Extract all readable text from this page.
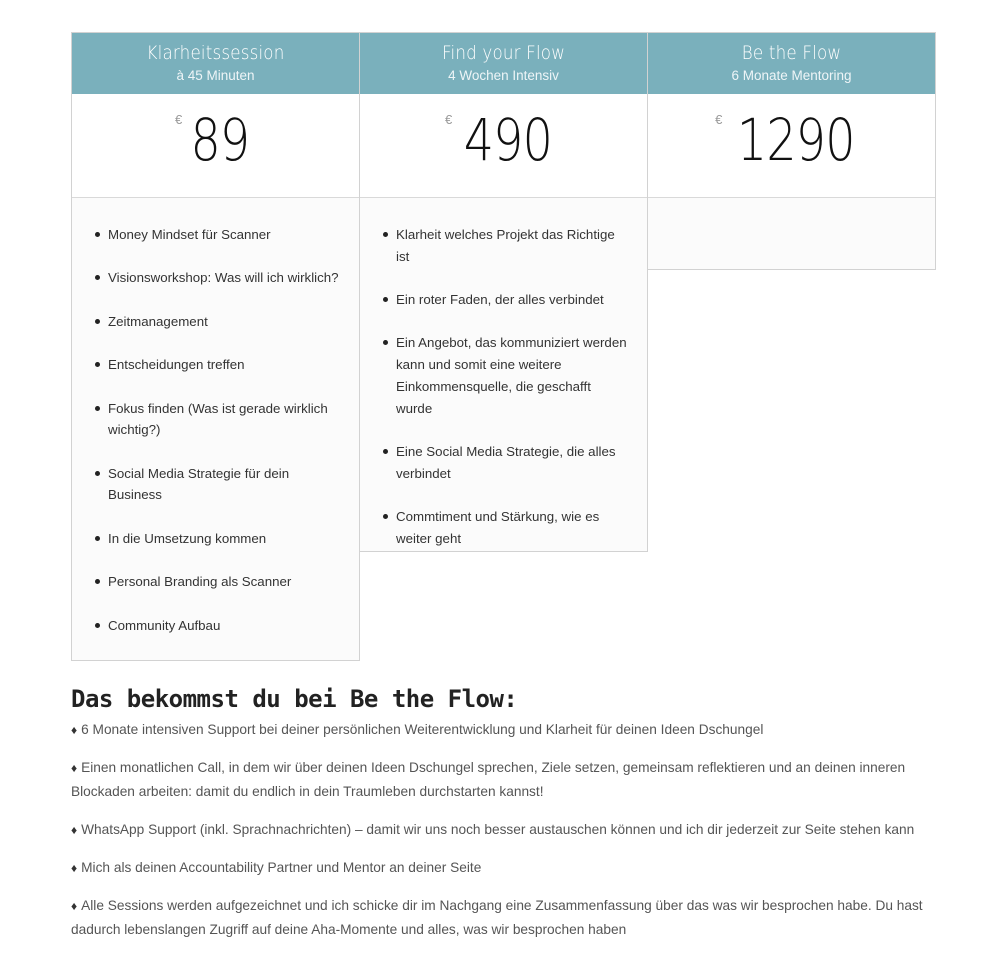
Klarheitssession
à 45 Minuten
€ 89
Money Mindset für Scanner
Visionsworkshop: Was will ich wirklich?
Zeitmanagement
Entscheidungen treffen
Fokus finden (Was ist gerade wirklich wichtig?)
Social Media Strategie für dein Business
In die Umsetzung kommen
Personal Branding als Scanner
Community Aufbau
Find your Flow
4 Wochen Intensiv
€ 490
Klarheit welches Projekt das Richtige ist
Ein roter Faden, der alles verbindet
Ein Angebot, das kommuniziert werden kann und somit eine weitere Einkommensquelle, die geschafft wurde
Eine Social Media Strategie, die alles verbindet
Commtiment und Stärkung, wie es weiter geht
Be the Flow
6 Monate Mentoring
€ 1290
Das bekommst du bei Be the Flow:

♦ 6 Monate intensiven Support bei deiner persönlichen Weiterentwicklung und Klarheit für deinen Ideen Dschungel

♦ Einen monatlichen Call, in dem wir über deinen Ideen Dschungel sprechen, Ziele setzen, gemeinsam reflektieren und an deinen inneren Blockaden arbeiten: damit du endlich in dein Traumleben durchstarten kannst!

♦ WhatsApp Support (inkl. Sprachnachrichten) – damit wir uns noch besser austauschen können und ich dir jederzeit zur Seite stehen kann

♦ Mich als deinen Accountability Partner und Mentor an deiner Seite

♦ Alle Sessions werden aufgezeichnet und ich schicke dir im Nachgang eine Zusammenfassung über das was wir besprochen habe. Du hast dadurch lebenslangen Zugriff auf deine Aha-Momente und alles, was wir besprochen haben
